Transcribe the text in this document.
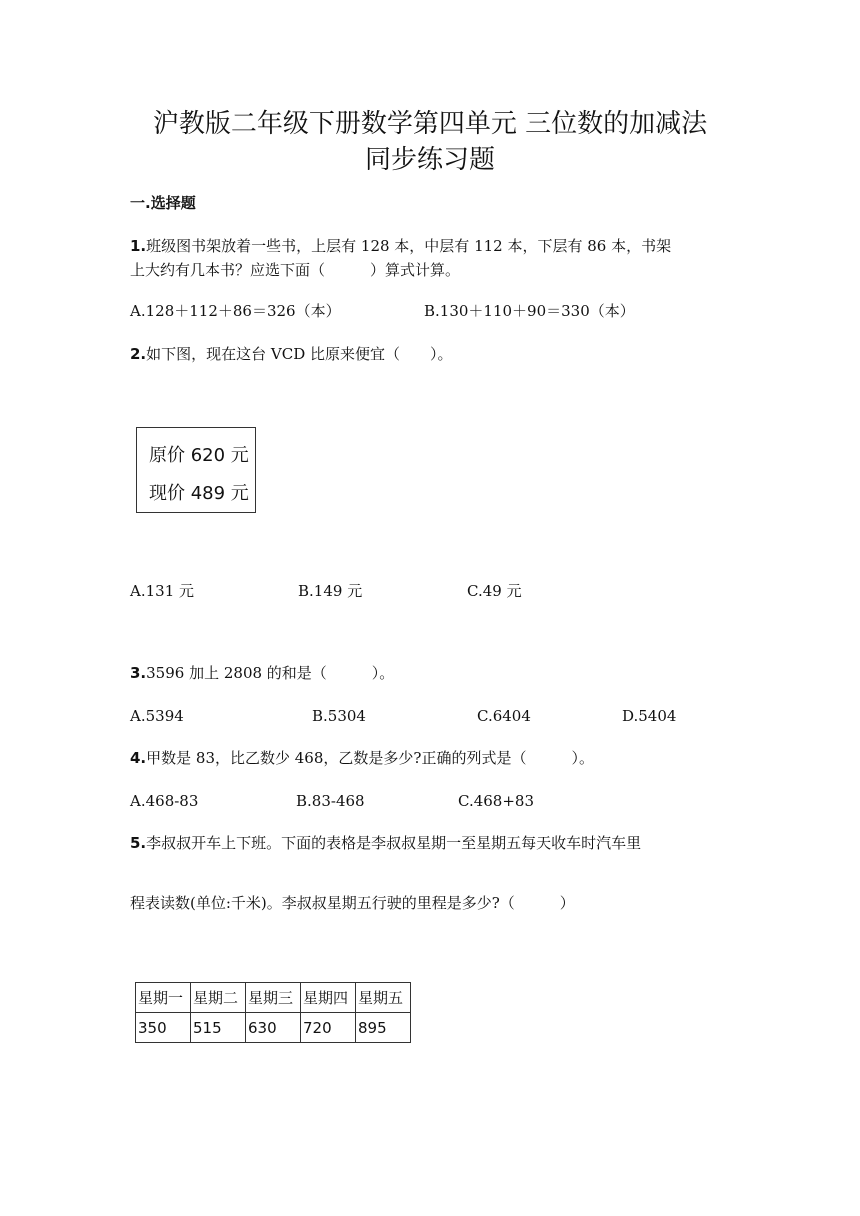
沪教版二年级下册数学第四单元 三位数的加减法
同步练习题
一.选择题
1.班级图书架放着一些书，上层有 128 本，中层有 112 本，下层有 86 本，书架
上大约有几本书？应选下面（　　　）算式计算。
A.128＋112＋86＝326（本）	B.130＋110＋90＝330（本）
2.如下图，现在这台 VCD 比原来便宜（　　）。
原价 620 元
现价 489 元
A.131 元	B.149 元	C.49 元
3.3596 加上 2808 的和是（　　　）。
A.5394	B.5304	C.6404	D.5404
4.甲数是 83，比乙数少 468，乙数是多少?正确的列式是（　　　）。
A.468-83	B.83-468	C.468+83
5.李叔叔开车上下班。下面的表格是李叔叔星期一至星期五每天收车时汽车里
程表读数(单位:千米)。李叔叔星期五行驶的里程是多少?（　　　）
星期一	星期二	星期三	星期四	星期五
350	515	630	720	895
